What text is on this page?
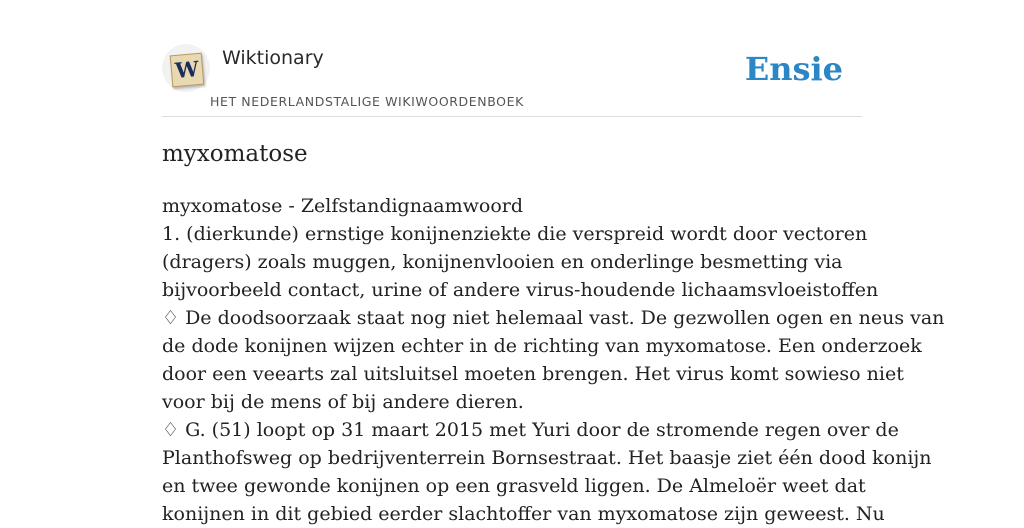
W Wiktionary
HET NEDERLANDSTALIGE WIKIWOORDENBOEK
Ensie
myxomatose
myxomatose - Zelfstandignaamwoord
1. (dierkunde) ernstige konijnenziekte die verspreid wordt door vectoren
(dragers) zoals muggen, konijnenvlooien en onderlinge besmetting via
bijvoorbeeld contact, urine of andere virus-houdende lichaamsvloeistoffen
♢ De doodsoorzaak staat nog niet helemaal vast. De gezwollen ogen en neus van
de dode konijnen wijzen echter in de richting van myxomatose. Een onderzoek
door een veearts zal uitsluitsel moeten brengen. Het virus komt sowieso niet
voor bij de mens of bij andere dieren.
♢ G. (51) loopt op 31 maart 2015 met Yuri door de stromende regen over de
Planthofsweg op bedrijventerrein Bornsestraat. Het baasje ziet één dood konijn
en twee gewonde konijnen op een grasveld liggen. De Almeloër weet dat
konijnen in dit gebied eerder slachtoffer van myxomatose zijn geweest. Nu
